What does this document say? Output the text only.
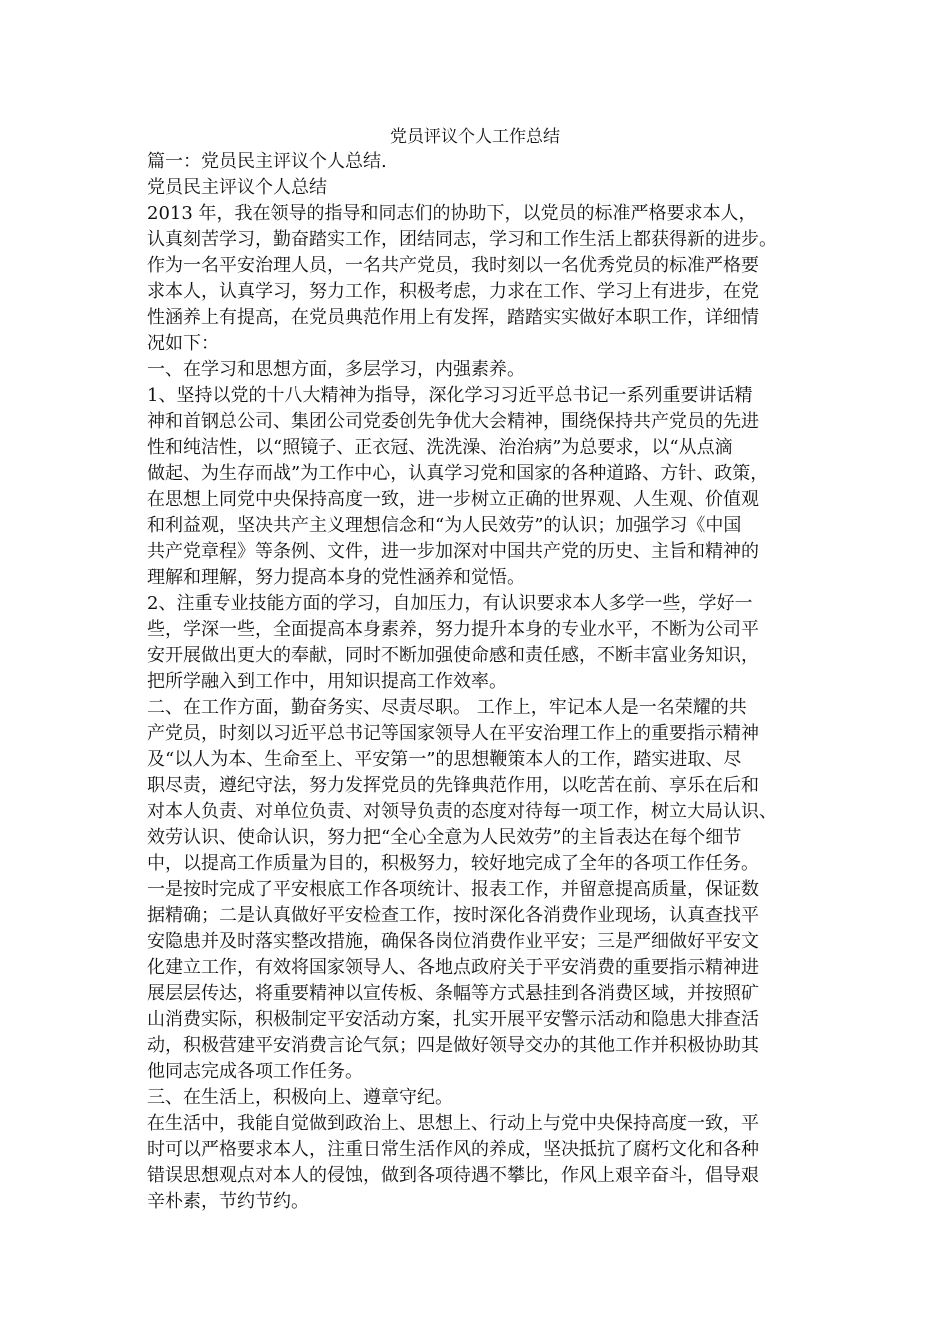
党员评议个人工作总结
篇一：党员民主评议个人总结.
党员民主评议个人总结
2013 年，我在领导的指导和同志们的协助下，以党员的标准严格要求本人，
认真刻苦学习，勤奋踏实工作，团结同志，学习和工作生活上都获得新的进步。
作为一名平安治理人员，一名共产党员，我时刻以一名优秀党员的标准严格要
求本人，认真学习，努力工作，积极考虑，力求在工作、学习上有进步，在党
性涵养上有提高，在党员典范作用上有发挥，踏踏实实做好本职工作，详细情
况如下：
一、在学习和思想方面，多层学习，内强素养。
1、坚持以党的十八大精神为指导，深化学习习近平总书记一系列重要讲话精
神和首钢总公司、集团公司党委创先争优大会精神，围绕保持共产党员的先进
性和纯洁性，以“照镜子、正衣冠、洗洗澡、治治病”为总要求，以“从点滴
做起、为生存而战”为工作中心，认真学习党和国家的各种道路、方针、政策，
在思想上同党中央保持高度一致，进一步树立正确的世界观、人生观、价值观
和利益观，坚决共产主义理想信念和“为人民效劳”的认识；加强学习《中国
共产党章程》等条例、文件，进一步加深对中国共产党的历史、主旨和精神的
理解和理解，努力提高本身的党性涵养和觉悟。
2、注重专业技能方面的学习，自加压力，有认识要求本人多学一些，学好一
些，学深一些，全面提高本身素养，努力提升本身的专业水平，不断为公司平
安开展做出更大的奉献，同时不断加强使命感和责任感，不断丰富业务知识，
把所学融入到工作中，用知识提高工作效率。
二、在工作方面，勤奋务实、尽责尽职。 工作上，牢记本人是一名荣耀的共
产党员，时刻以习近平总书记等国家领导人在平安治理工作上的重要指示精神
及“以人为本、生命至上、平安第一”的思想鞭策本人的工作，踏实进取、尽
职尽责，遵纪守法，努力发挥党员的先锋典范作用，以吃苦在前、享乐在后和
对本人负责、对单位负责、对领导负责的态度对待每一项工作，树立大局认识、
效劳认识、使命认识，努力把“全心全意为人民效劳”的主旨表达在每个细节
中，以提高工作质量为目的，积极努力，较好地完成了全年的各项工作任务。
一是按时完成了平安根底工作各项统计、报表工作，并留意提高质量，保证数
据精确；二是认真做好平安检查工作，按时深化各消费作业现场，认真查找平
安隐患并及时落实整改措施，确保各岗位消费作业平安；三是严细做好平安文
化建立工作，有效将国家领导人、各地点政府关于平安消费的重要指示精神进
展层层传达，将重要精神以宣传板、条幅等方式悬挂到各消费区域，并按照矿
山消费实际，积极制定平安活动方案，扎实开展平安警示活动和隐患大排查活
动，积极营建平安消费言论气氛；四是做好领导交办的其他工作并积极协助其
他同志完成各项工作任务。
三、在生活上，积极向上、遵章守纪。
在生活中，我能自觉做到政治上、思想上、行动上与党中央保持高度一致，平
时可以严格要求本人，注重日常生活作风的养成，坚决抵抗了腐朽文化和各种
错误思想观点对本人的侵蚀，做到各项待遇不攀比，作风上艰辛奋斗，倡导艰
辛朴素，节约节约。
